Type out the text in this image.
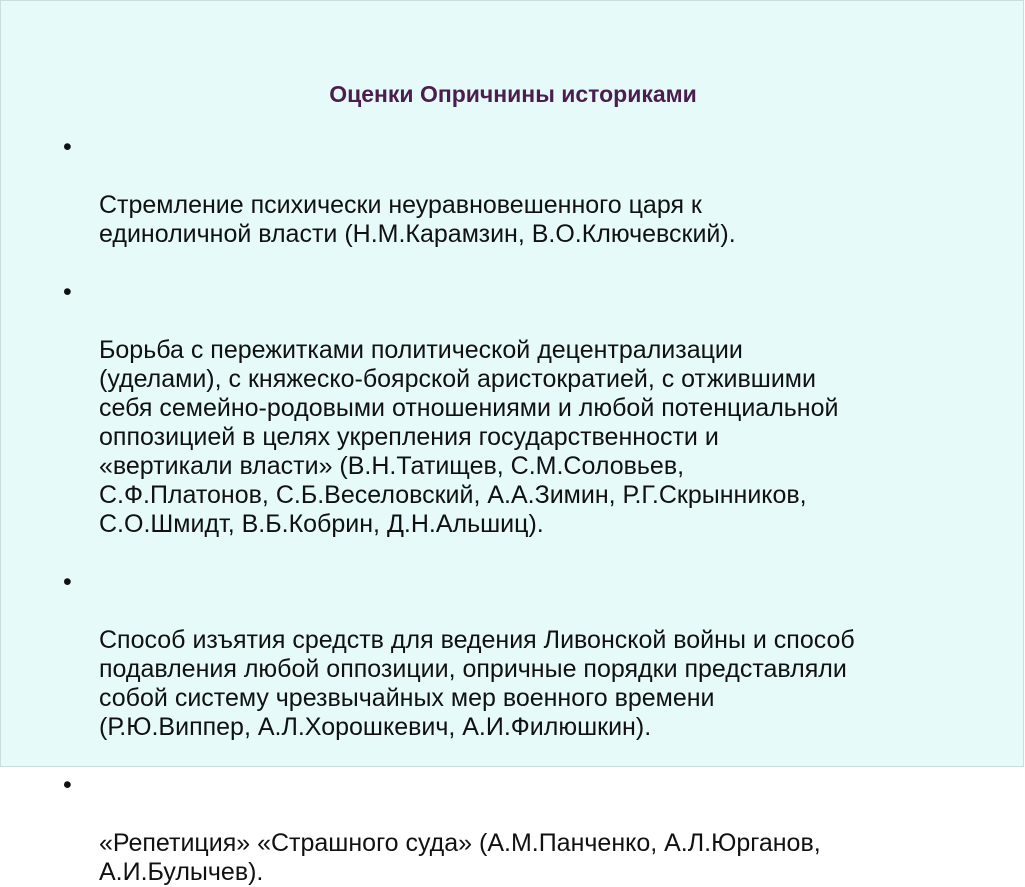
Оценки Опричнины историками

•

Стремление психически неуравновешенного царя к
единоличной власти (Н.М.Карамзин, В.О.Ключевский).

•

Борьба с пережитками политической децентрализации
(уделами), с княжеско-боярской аристократией, с отжившими
себя семейно-родовыми отношениями и любой потенциальной
оппозицией в целях укрепления государственности и
«вертикали власти» (В.Н.Татищев, С.М.Соловьев,
С.Ф.Платонов, С.Б.Веселовский, А.А.Зимин, Р.Г.Скрынников,
С.О.Шмидт, В.Б.Кобрин, Д.Н.Альшиц).

•

Способ изъятия средств для ведения Ливонской войны и способ
подавления любой оппозиции, опричные порядки представляли
собой систему чрезвычайных мер военного времени
(Р.Ю.Виппер, А.Л.Хорошкевич, А.И.Филюшкин).

•

«Репетиция» «Страшного суда» (А.М.Панченко, А.Л.Юрганов,
А.И.Булычев).
